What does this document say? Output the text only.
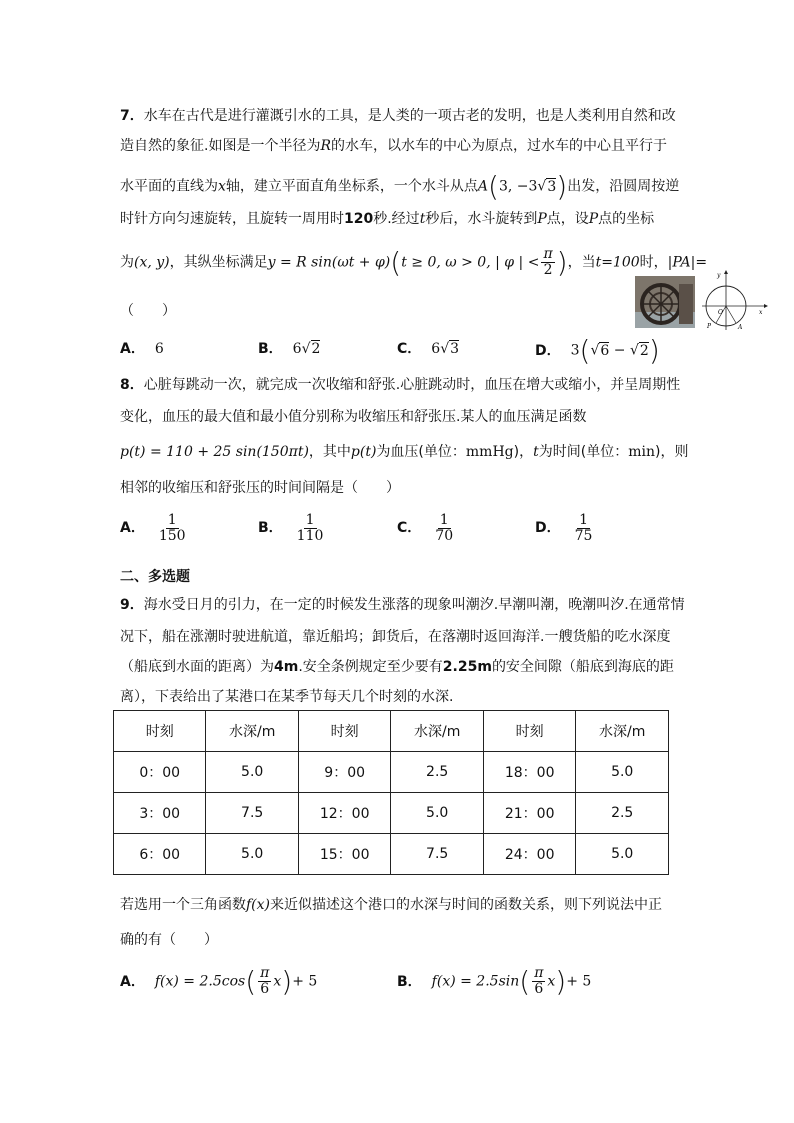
7．水车在古代是进行灌溉引水的工具，是人类的一项古老的发明，也是人类利用自然和改
造自然的象征.如图是一个半径为R的水车，以水车的中心为原点，过水车的中心且平行于
水平面的直线为x轴，建立平面直角坐标系，一个水斗从点A(3, −3√3)出发，沿圆周按逆
时针方向匀速旋转，且旋转一周用时120秒.经过t秒后，水斗旋转到P点，设P点的坐标
为(x, y)，其纵坐标满足y = R sin(ωt + φ)(t ≥ 0, ω > 0, | φ | < $\frac{\pi}{2}$ )，当t=100时，|PA|=
（　　）
y
x
O
P	A
A． 6	B． 6√2	C． 6√3	D． 3(√6 − √2)
8．心脏每跳动一次，就完成一次收缩和舒张.心脏跳动时，血压在增大或缩小，并呈周期性
变化，血压的最大值和最小值分别称为收缩压和舒张压.某人的血压满足函数
p(t) = 110 + 25 sin(150πt)，其中p(t)为血压(单位：mmHg)，t为时间(单位：min)，则
相邻的收缩压和舒张压的时间间隔是（　　）
A． $\frac{1}{150}$	B． $\frac{1}{110}$	C． $\frac{1}{70}$	D． $\frac{1}{75}$
二、多选题
9．海水受日月的引力，在一定的时候发生涨落的现象叫潮汐.早潮叫潮，晚潮叫汐.在通常情
况下，船在涨潮时驶进航道，靠近船坞；卸货后，在落潮时返回海洋.一艘货船的吃水深度
（船底到水面的距离）为4m.安全条例规定至少要有2.25m的安全间隙（船底到海底的距
离），下表给出了某港口在某季节每天几个时刻的水深.
时刻	水深/m	时刻	水深/m	时刻	水深/m
0：00	5.0	9：00	2.5	18：00	5.0
3：00	7.5	12：00	5.0	21：00	2.5
6：00	5.0	15：00	7.5	24：00	5.0
若选用一个三角函数f(x)来近似描述这个港口的水深与时间的函数关系，则下列说法中正
确的有（　　）
A． $f(x) = 2.5\cos( \frac{\pi}{6} x)+ 5$	B． $f(x) = 2.5\sin( \frac{\pi}{6} x)+ 5$
